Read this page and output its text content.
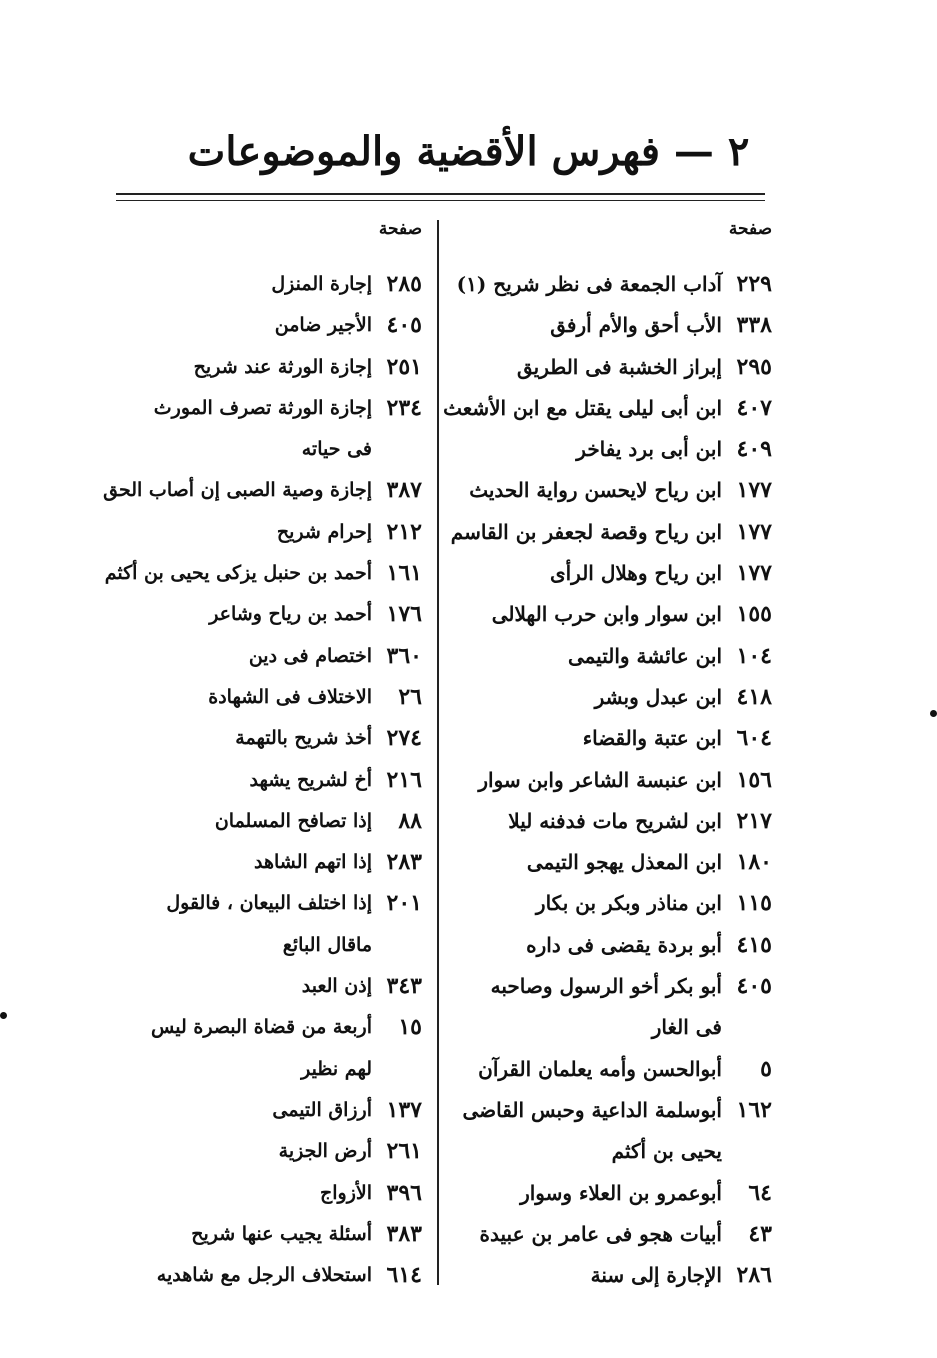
٢ — فهرس الأقضية والموضوعات
صفحة
٢٢٩
آداب الجمعة فى نظر شريح (١)
٣٣٨
الأب أحق والأم أرفق
٢٩٥
إبراز الخشبة فى الطريق
٤٠٧
ابن أبى ليلى يقتل مع ابن الأشعث
٤٠٩
ابن أبى برد يفاخر
١٧٧
ابن رياح لايحسن رواية الحديث
١٧٧
ابن رياح وقصة لجعفر بن القاسم
١٧٧
ابن رياح وهلال الرأى
١٥٥
ابن سوار وابن حرب الهلالى
١٠٤
ابن عائشة والتيمى
٤١٨
ابن عبدل وبشر
٦٠٤
ابن عتبة والقضاء
١٥٦
ابن عنبسة الشاعر وابن سوار
٢١٧
ابن لشريح مات فدفنه ليلا
١٨٠
ابن المعذل يهجو التيمى
١١٥
ابن مناذر وبكر بن بكار
٤١٥
أبو بردة يقضى فى داره
٤٠٥
أبو بكر أخو الرسول وصاحبه
فى الغار
٥
أبوالحسن وأمه يعلمان القرآن
١٦٢
أبوسلمة الداعية وحبس القاضى
يحيى بن أكثم
٦٤
أبوعمرو بن العلاء وسوار
٤٣
أبيات هجو فى عامر بن عبيدة
٢٨٦
الإجارة إلى سنة
صفحة
٢٨٥
إجارة المنزل
٤٠٥
الأجير ضامن
٢٥١
إجازة الورثة عند شريح
٢٣٤
إجازة الورثة تصرف المورث
فى حياته
٣٨٧
إجازة وصية الصبى إن أصاب الحق
٢١٢
إحرام شريح
١٦١
أحمد بن حنبل يزكى يحيى بن أكثم
١٧٦
أحمد بن رياح وشاعر
٣٦٠
اختصام فى دين
٢٦
الاختلاف فى الشهادة
٢٧٤
أخذ شريح بالتهمة
٢١٦
أخ لشريح يشهد
٨٨
إذا تصافح المسلمان
٢٨٣
إذا اتهم الشاهد
٢٠١
إذا اختلف البيعان ، فالقول
ماقال البائع
٣٤٣
إذن العبد
١٥
أربعة من قضاة البصرة ليس
لهم نظير
١٣٧
أرزاق التيمى
٢٦١
أرض الجزية
٣٩٦
الأزواج
٣٨٣
أسئلة يجيب عنها شريح
٦١٤
استحلاف الرجل مع شاهديه
